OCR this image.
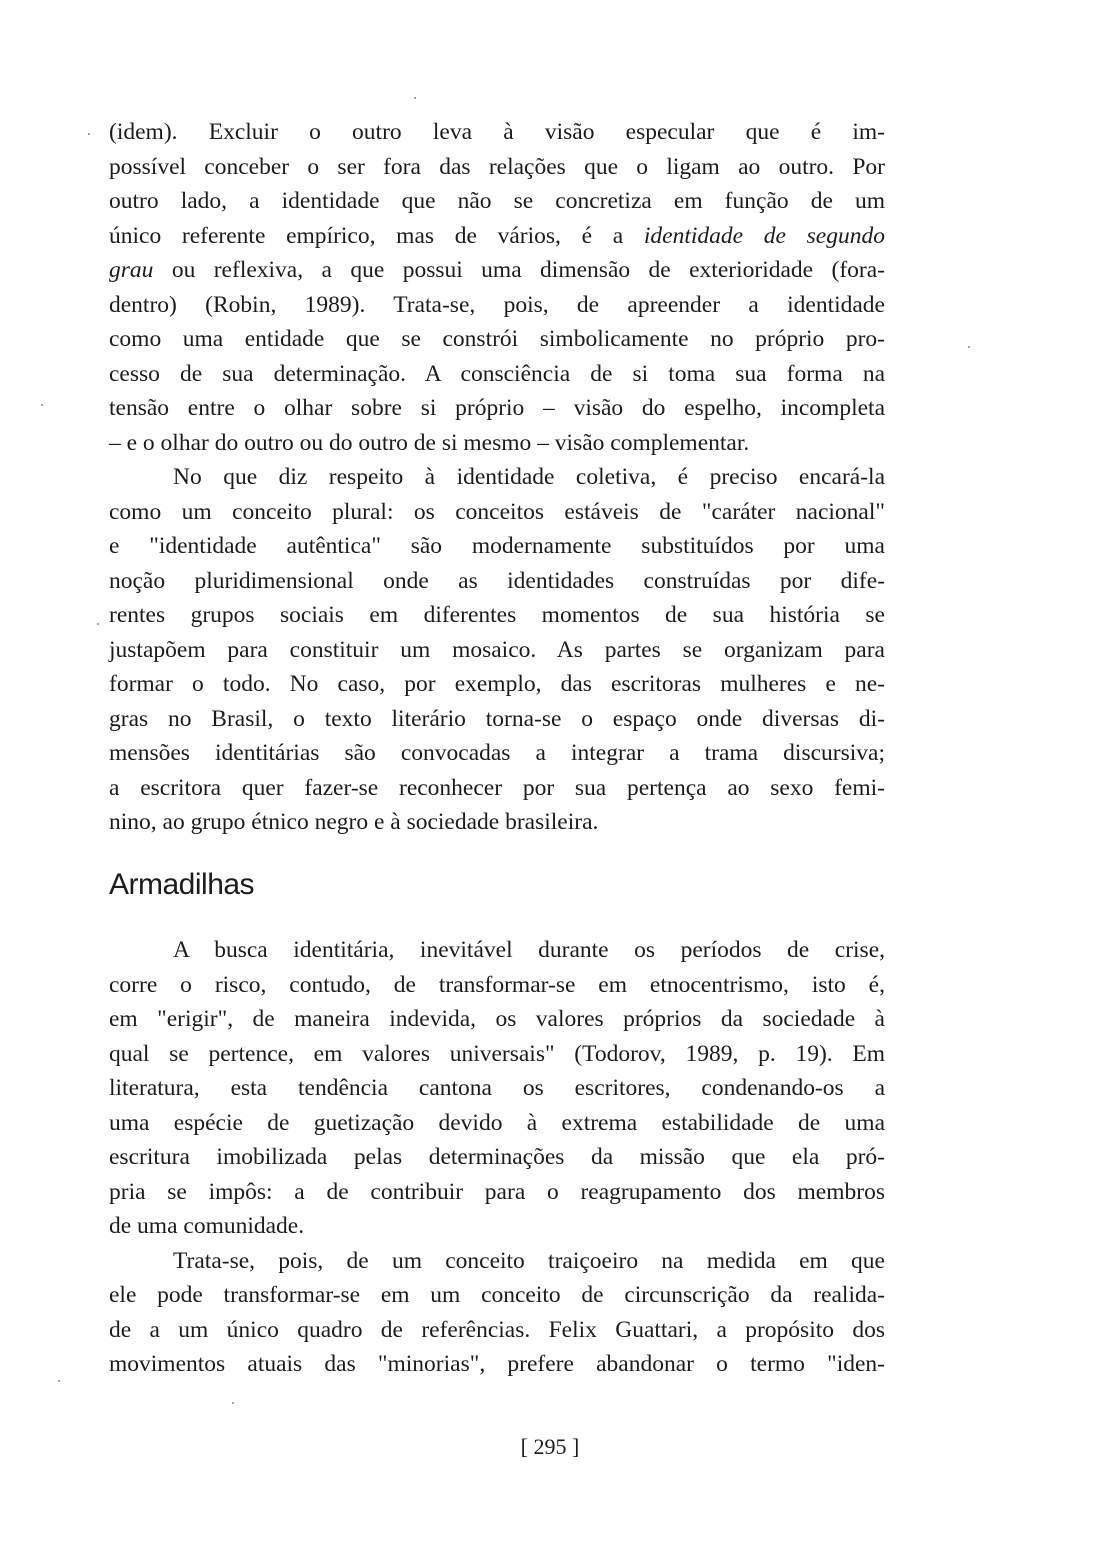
(idem). Excluir o outro leva à visão especular que é im-
possível conceber o ser fora das relações que o ligam ao outro. Por
outro lado, a identidade que não se concretiza em função de um
único referente empírico, mas de vários, é a identidade de segundo
grau ou reflexiva, a que possui uma dimensão de exterioridade (fora-
dentro) (Robin, 1989). Trata-se, pois, de apreender a identidade
como uma entidade que se constrói simbolicamente no próprio pro-
cesso de sua determinação. A consciência de si toma sua forma na
tensão entre o olhar sobre si próprio – visão do espelho, incompleta
– e o olhar do outro ou do outro de si mesmo – visão complementar.
No que diz respeito à identidade coletiva, é preciso encará-la
como um conceito plural: os conceitos estáveis de "caráter nacional"
e "identidade autêntica" são modernamente substituídos por uma
noção pluridimensional onde as identidades construídas por dife-
rentes grupos sociais em diferentes momentos de sua história se
justapõem para constituir um mosaico. As partes se organizam para
formar o todo. No caso, por exemplo, das escritoras mulheres e ne-
gras no Brasil, o texto literário torna-se o espaço onde diversas di-
mensões identitárias são convocadas a integrar a trama discursiva;
a escritora quer fazer-se reconhecer por sua pertença ao sexo femi-
nino, ao grupo étnico negro e à sociedade brasileira.
Armadilhas
A busca identitária, inevitável durante os períodos de crise,
corre o risco, contudo, de transformar-se em etnocentrismo, isto é,
em "erigir", de maneira indevida, os valores próprios da sociedade à
qual se pertence, em valores universais" (Todorov, 1989, p. 19). Em
literatura, esta tendência cantona os escritores, condenando-os a
uma espécie de guetização devido à extrema estabilidade de uma
escritura imobilizada pelas determinações da missão que ela pró-
pria se impôs: a de contribuir para o reagrupamento dos membros
de uma comunidade.
Trata-se, pois, de um conceito traiçoeiro na medida em que
ele pode transformar-se em um conceito de circunscrição da realida-
de a um único quadro de referências. Felix Guattari, a propósito dos
movimentos atuais das "minorias", prefere abandonar o termo "iden-
[ 295 ]
